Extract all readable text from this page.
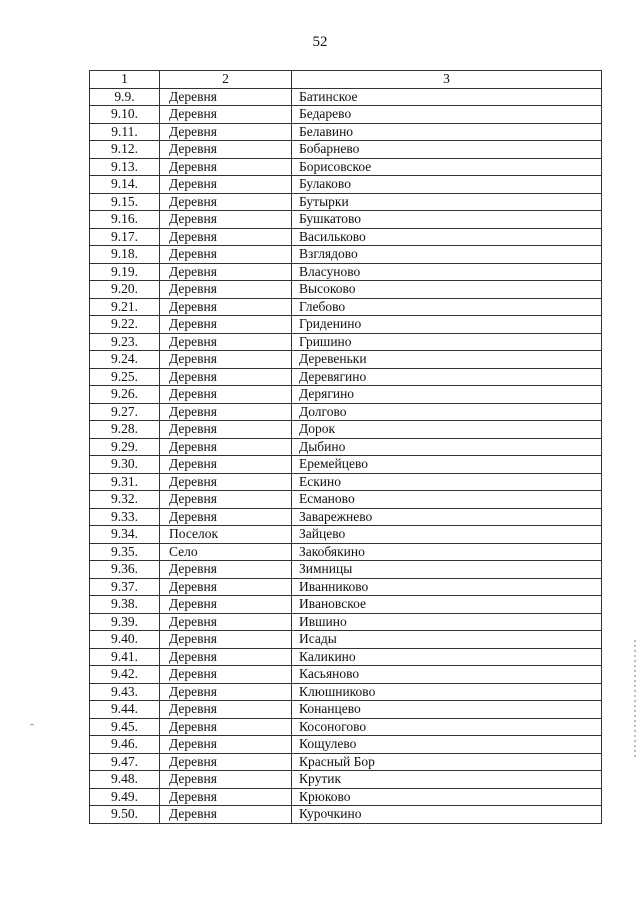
52
1	2	3
9.9.	Деревня	Батинское
9.10.	Деревня	Бедарево
9.11.	Деревня	Белавино
9.12.	Деревня	Бобарнево
9.13.	Деревня	Борисовское
9.14.	Деревня	Булаково
9.15.	Деревня	Бутырки
9.16.	Деревня	Бушкатово
9.17.	Деревня	Васильково
9.18.	Деревня	Взглядово
9.19.	Деревня	Власуново
9.20.	Деревня	Высоково
9.21.	Деревня	Глебово
9.22.	Деревня	Гриденино
9.23.	Деревня	Гришино
9.24.	Деревня	Деревеньки
9.25.	Деревня	Деревягино
9.26.	Деревня	Дерягино
9.27.	Деревня	Долгово
9.28.	Деревня	Дорок
9.29.	Деревня	Дыбино
9.30.	Деревня	Еремейцево
9.31.	Деревня	Ескино
9.32.	Деревня	Есманово
9.33.	Деревня	Заварежнево
9.34.	Поселок	Зайцево
9.35.	Село	Закобякино
9.36.	Деревня	Зимницы
9.37.	Деревня	Иванниково
9.38.	Деревня	Ивановское
9.39.	Деревня	Ившино
9.40.	Деревня	Исады
9.41.	Деревня	Каликино
9.42.	Деревня	Касьяново
9.43.	Деревня	Клюшниково
9.44.	Деревня	Конанцево
9.45.	Деревня	Косоногово
9.46.	Деревня	Кощулево
9.47.	Деревня	Красный Бор
9.48.	Деревня	Крутик
9.49.	Деревня	Крюково
9.50.	Деревня	Курочкино
